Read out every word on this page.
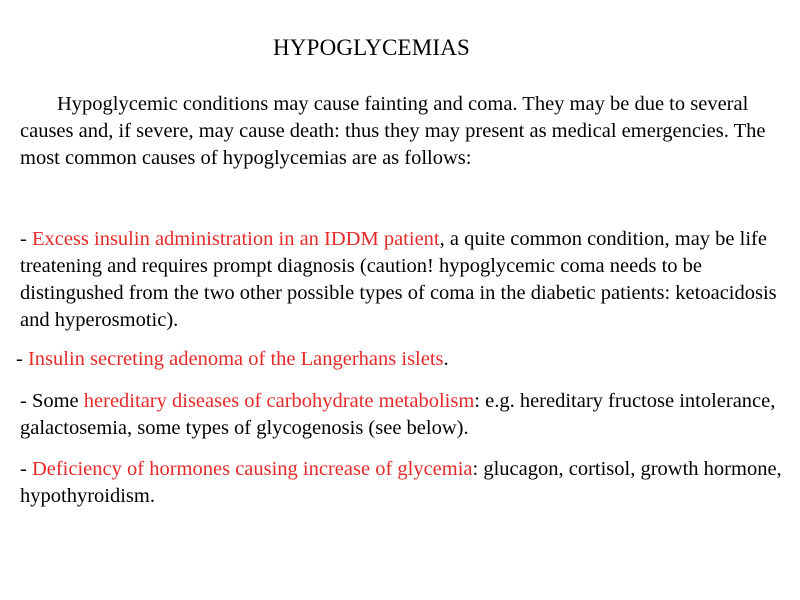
HYPOGLYCEMIAS
Hypoglycemic conditions may cause fainting and coma. They may be due to several causes and, if severe, may cause death: thus they may present as medical emergencies. The most common causes of hypoglycemias are as follows:
- Excess insulin administration in an IDDM patient, a quite common condition, may be life treatening and requires prompt diagnosis (caution! hypoglycemic coma needs to be distingushed from the two other possible types of coma in the diabetic patients: ketoacidosis and hyperosmotic).
- Insulin secreting adenoma of the Langerhans islets.
- Some hereditary diseases of carbohydrate metabolism: e.g. hereditary fructose intolerance, galactosemia, some types of glycogenosis (see below).
- Deficiency of hormones causing increase of glycemia: glucagon, cortisol, growth hormone, hypothyroidism.
